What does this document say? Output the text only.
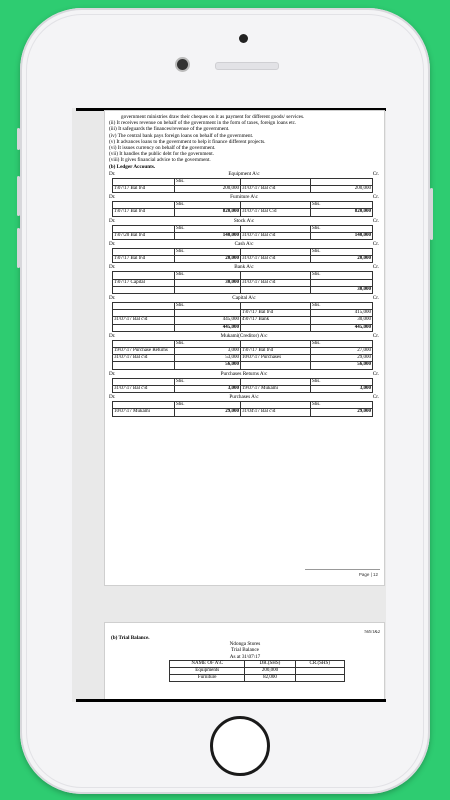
government ministries draw their cheques on it as payment for different goods/ services.
(ii) It receives revenue on behalf of the government in the form of taxes, foreign loans etc.
(iii) It safeguards the finances/revenue of the government.
(iv) The central bank pays foreign loans on behalf of the government.
(v) It advances loans to the government to help it finance different projects.
(vi) It issues currency on behalf of the government.
(vii) It handles the public debt for the government.
(viii) It gives financial advice to the government.
(b) Ledger Accounts.
Dr.	Equipment A\c	Cr.
	Shs.		
1\07\17 Bal b\d	200,000	31\07\17 Bal c\d	200,000
Dr.	Furniture A\c	Cr.
	Shs.		Shs.
1\07\17 Bal b\d	820,000	31\07\17 Bal C\d	820,000
Dr.	Stock A\c	Cr.
	Shs.		Shs.
1\07\20 Bal b\d	140,000	31\07\17 Bal c\d	140,000
Dr.	Cash A\c	Cr.
	Shs.		Shs.
1\07\17 Bal b\d	20,000	31\07\17 Bal c\d	20,000
Dr.	Bank A\c	Cr.
	Shs.		Shs.
1\07\17 Capital	30,000	31\07\17 Bal c\d	
			30,000
Dr.	Capital A\c	Cr.
	Shs.		Shs.
		1\07\17 Bal b\d	415,000
31\07\17 Bal c\d	445,000	4\07\17 Bank	30,000
	445,000		445,000
Dr.	Mukami(Creditor) A\c	Cr.
	Shs.		Shs.
19\07\17 Purchase Returns	3,000	1\07\17 Bal b\d	27,000
31\07\17 Bal c\d	53,000	10\07\17 Purchases	29,000
	56,000		56,000
Dr.	Purchases Returns A\c	Cr.
	Shs.		Shs.
31\07\17 Bal c\d	3,000	19\07\17 Mukami	3,000
Dr.	Purchases A\c	Cr.
	Shs.		Shs.
10\07\17 Mukami	29,000	31\04\17 Bal c\d	29,000
Page | 12
565/1&2
(b) Trial Balance.
Ndonga Stores
Trial Balance
As at 31\07\17
NAME OF A\C	DR.(SHS)	CR.(SHS)
Equipments	200,000	
Furniture	82,000	
